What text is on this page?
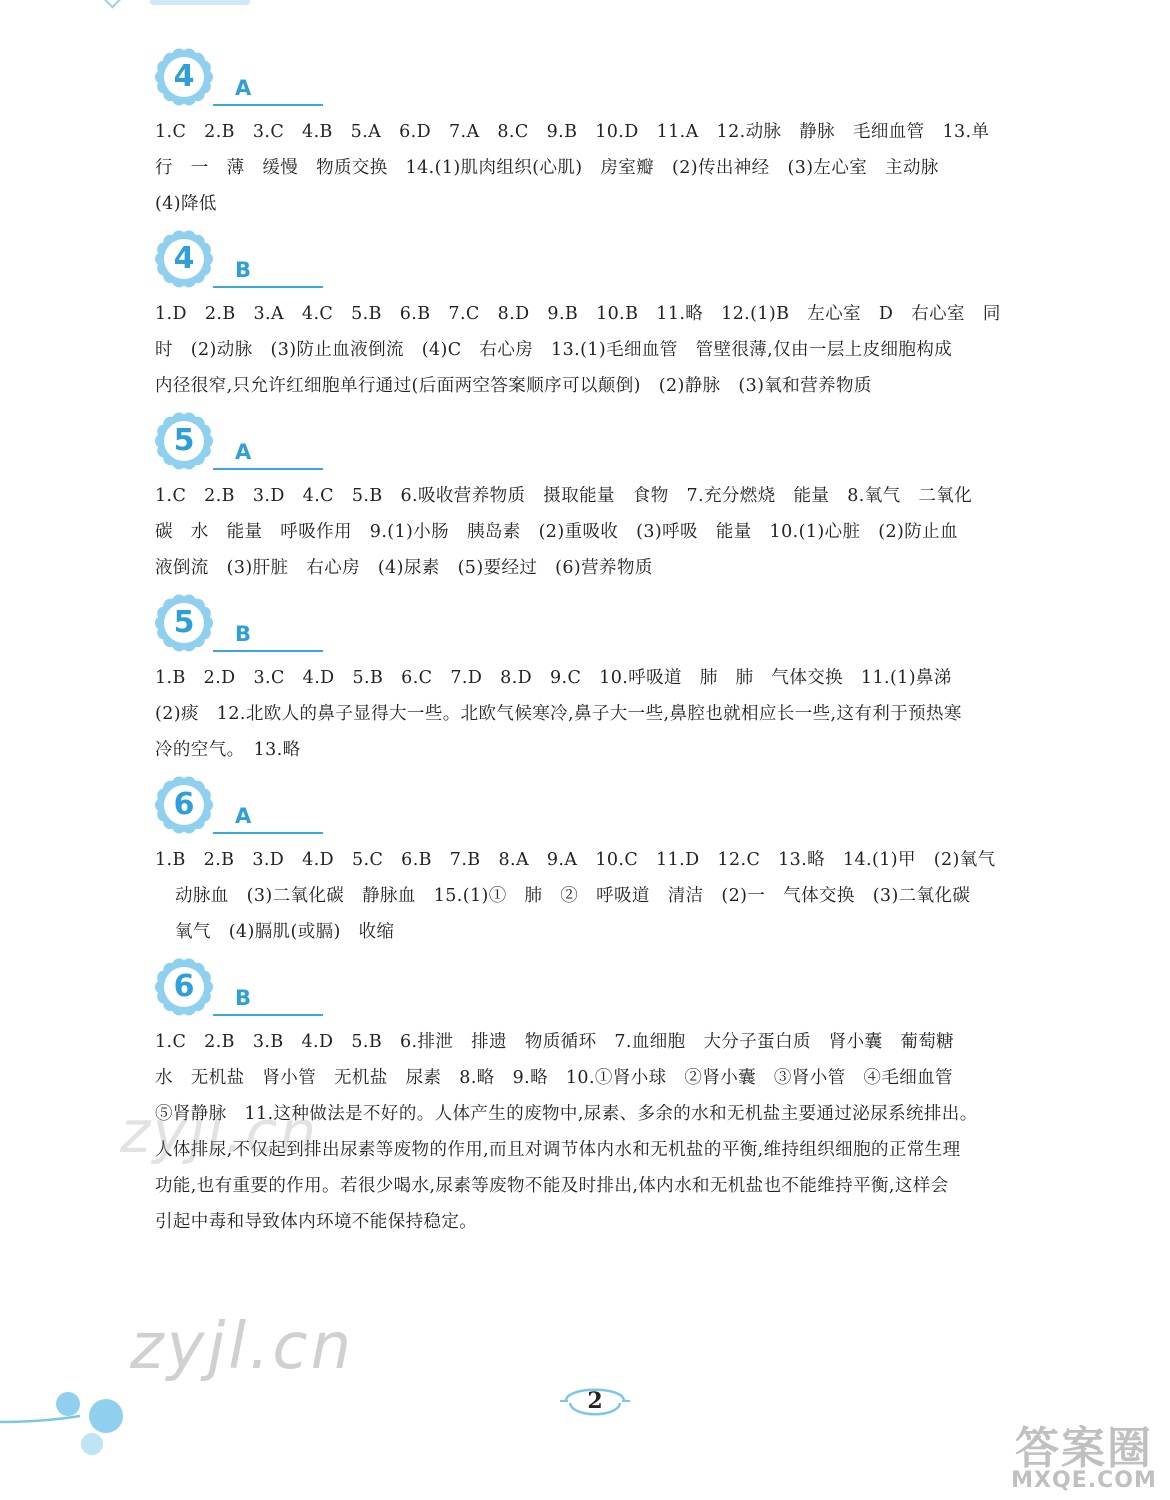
4	A

1.C　2.B　3.C　4.B　5.A　6.D　7.A　8.C　9.B　10.D　11.A　12.动脉　静脉　毛细血管　13.单

行　一　薄　缓慢　物质交换　14.(1)肌肉组织(心肌)　房室瓣　(2)传出神经　(3)左心室　主动脉

(4)降低

4	B

1.D　2.B　3.A　4.C　5.B　6.B　7.C　8.D　9.B　10.B　11.略　12.(1)B　左心室　D　右心室　同

时　(2)动脉　(3)防止血液倒流　(4)C　右心房　13.(1)毛细血管　管壁很薄,仅由一层上皮细胞构成

内径很窄,只允许红细胞单行通过(后面两空答案顺序可以颠倒)　(2)静脉　(3)氧和营养物质

5	A

1.C　2.B　3.D　4.C　5.B　6.吸收营养物质　摄取能量　食物　7.充分燃烧　能量　8.氧气　二氧化

碳　水　能量　呼吸作用　9.(1)小肠　胰岛素　(2)重吸收　(3)呼吸　能量　10.(1)心脏　(2)防止血

液倒流　(3)肝脏　右心房　(4)尿素　(5)要经过　(6)营养物质

5	B

1.B　2.D　3.C　4.D　5.B　6.C　7.D　8.D　9.C　10.呼吸道　肺　肺　气体交换　11.(1)鼻涕

(2)痰　12.北欧人的鼻子显得大一些。北欧气候寒冷,鼻子大一些,鼻腔也就相应长一些,这有利于预热寒

冷的空气。　13.略

6	A

1.B　2.B　3.D　4.D　5.C　6.B　7.B　8.A　9.A　10.C　11.D　12.C　13.略　14.(1)甲　(2)氧气

动脉血　(3)二氧化碳　静脉血　15.(1)①　肺　②　呼吸道　清洁　(2)一　气体交换　(3)二氧化碳

氧气　(4)膈肌(或膈)　收缩

6	B

1.C　2.B　3.B　4.D　5.B　6.排泄　排遗　物质循环　7.血细胞　大分子蛋白质　肾小囊　葡萄糖

水　无机盐　肾小管　无机盐　尿素　8.略　9.略　10.①肾小球　②肾小囊　③肾小管　④毛细血管

⑤肾静脉　11.这种做法是不好的。人体产生的废物中,尿素、多余的水和无机盐主要通过泌尿系统排出。

人体排尿,不仅起到排出尿素等废物的作用,而且对调节体内水和无机盐的平衡,维持组织细胞的正常生理

功能,也有重要的作用。若很少喝水,尿素等废物不能及时排出,体内水和无机盐也不能维持平衡,这样会

引起中毒和导致体内环境不能保持稳定。

zyjl.cn
zyjl.cn
答案圈
MXQE.COM
2
